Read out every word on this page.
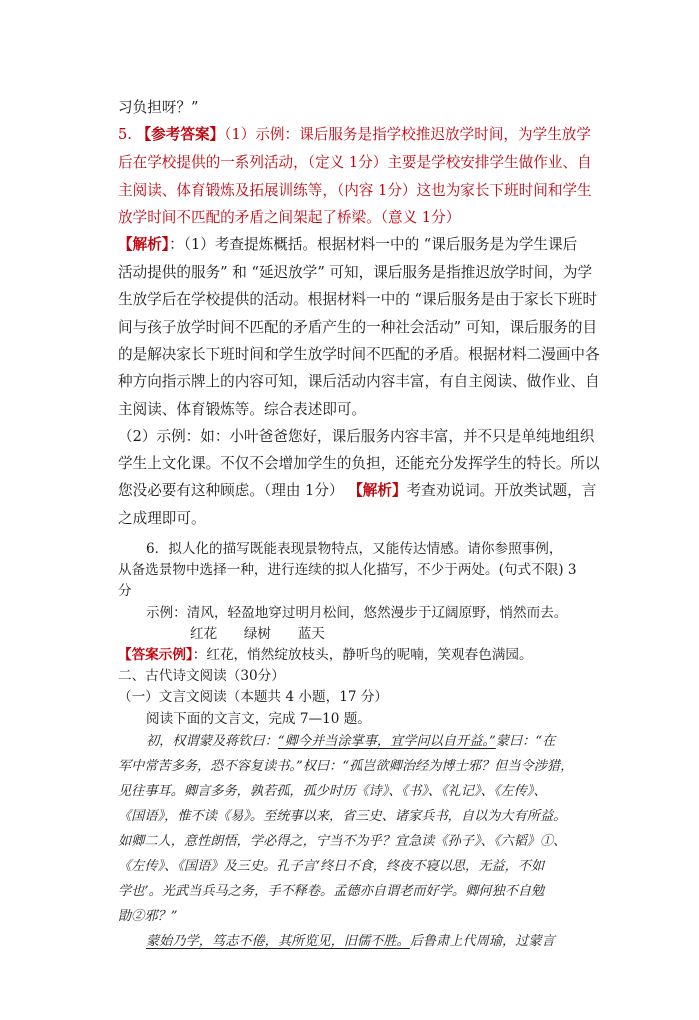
习负担呀？”
5. 【参考答案】（1）示例：课后服务是指学校推迟放学时间，为学生放学
后在学校提供的一系列活动，（定义 1分）主要是学校安排学生做作业、自
主阅读、体育锻炼及拓展训练等，（内容 1分）这也为家长下班时间和学生
放学时间不匹配的矛盾之间架起了桥梁。（意义 1分）
【解析】：（1）考查提炼概括。根据材料一中的 “课后服务是为学生课后
活动提供的服务” 和 “延迟放学” 可知，课后服务是指推迟放学时间，为学
生放学后在学校提供的活动。根据材料一中的 “课后服务是由于家长下班时
间与孩子放学时间不匹配的矛盾产生的一种社会活动” 可知，课后服务的目
的是解决家长下班时间和学生放学时间不匹配的矛盾。根据材料二漫画中各
种方向指示牌上的内容可知，课后活动内容丰富，有自主阅读、做作业、自
主阅读、体育锻炼等。综合表述即可。
（2）示例：如：小叶爸爸您好，课后服务内容丰富，并不只是单纯地组织
学生上文化课。不仅不会增加学生的负担，还能充分发挥学生的特长。所以
您没必要有这种顾虑。（理由 1分） 【解析】考查劝说词。开放类试题，言
之成理即可。
6．拟人化的描写既能表现景物特点，又能传达情感。请你参照事例，
从备选景物中选择一种，进行连续的拟人化描写，不少于两处。(句式不限) 3
分
示例：清风，轻盈地穿过明月松间，悠然漫步于辽阔原野，悄然而去。
红花 绿树 蓝天
【答案示例】：红花，悄然绽放枝头，静听鸟的呢喃，笑观春色满园。
二、古代诗文阅读（30分）
（一）文言文阅读（本题共 4 小题，17 分）
阅读下面的文言文，完成 7—10 题。
初，权谓蒙及蒋钦曰：“卿今并当涂掌事，宜学问以自开益。”蒙曰：“在
军中常苦多务，恐不容复读书。”权曰：“孤岂欲卿治经为博士邪？但当令涉猎，
见往事耳。卿言多务，孰若孤，孤少时历《诗》、《书》、《礼记》、《左传》、
《国语》，惟不读《易》。至统事以来，省三史、诸家兵书，自以为大有所益。
如卿二人，意性朗悟，学必得之，宁当不为乎？宜急读《孙子》、《六韬》①、
《左传》、《国语》及三史。孔子言‘终日不食，终夜不寝以思，无益，不如
学也’。光武当兵马之务，手不释卷。孟德亦自谓老而好学。卿何独不自勉
勖②邪？”
蒙始乃学，笃志不倦，其所览见，旧儒不胜。后鲁肃上代周瑜，过蒙言
